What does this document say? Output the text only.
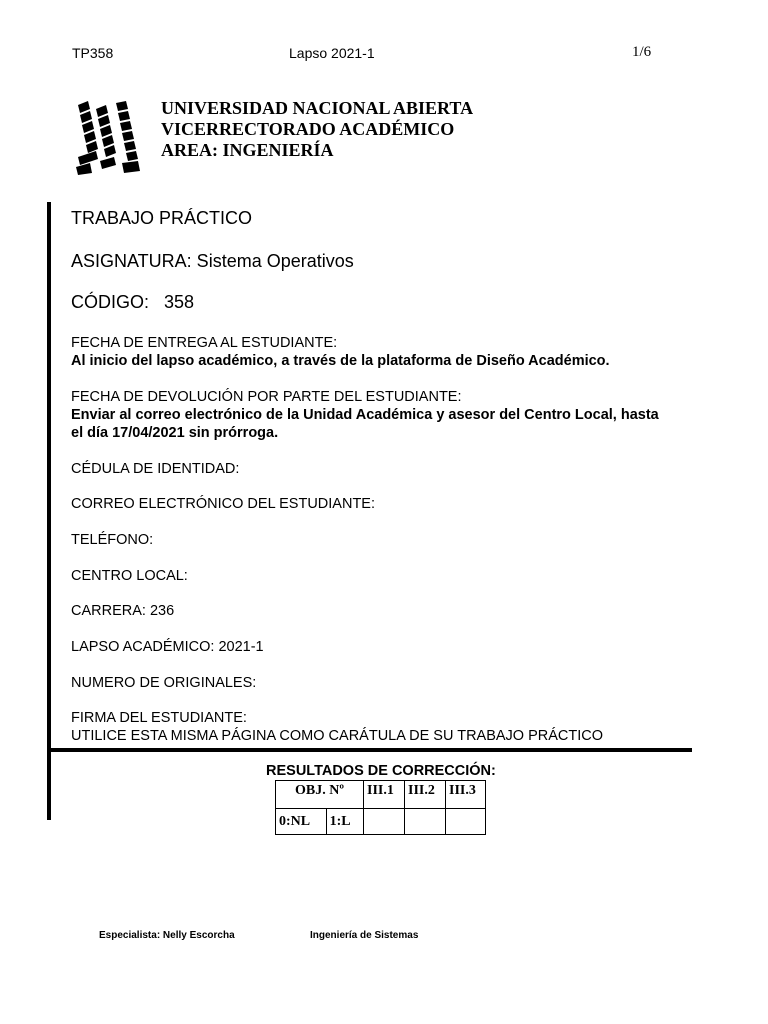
TP358	Lapso 2021-1	1/6
UNIVERSIDAD NACIONAL ABIERTA
VICERRECTORADO ACADÉMICO
AREA: INGENIERÍA
TRABAJO PRÁCTICO
ASIGNATURA: Sistema Operativos
CÓDIGO:   358
FECHA DE ENTREGA AL ESTUDIANTE:
Al inicio del lapso académico, a través de la plataforma de Diseño Académico.
FECHA DE DEVOLUCIÓN POR PARTE DEL ESTUDIANTE:
Enviar al correo electrónico de la Unidad Académica y asesor del Centro Local, hasta
el día 17/04/2021 sin prórroga.
CÉDULA DE IDENTIDAD:
CORREO ELECTRÓNICO DEL ESTUDIANTE:
TELÉFONO:
CENTRO LOCAL:
CARRERA: 236
LAPSO ACADÉMICO: 2021-1
NUMERO DE ORIGINALES:
FIRMA DEL ESTUDIANTE:
UTILICE ESTA MISMA PÁGINA COMO CARÁTULA DE SU TRABAJO PRÁCTICO
RESULTADOS DE CORRECCIÓN:
OBJ. Nº		III.1	III.2	III.3
0:NL	1:L			
Especialista: Nelly Escorcha	Ingeniería de Sistemas
